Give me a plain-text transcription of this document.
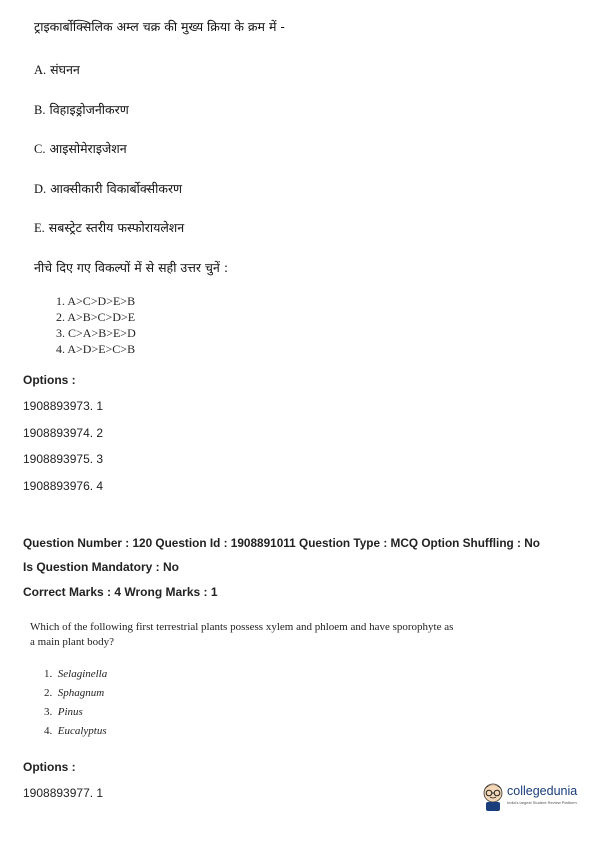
ट्राइकार्बोक्सिलिक अम्ल चक्र की मुख्य क्रिया के क्रम में -
A. संघनन
B. विहाइड्रोजनीकरण
C. आइसोमेराइजेशन
D. आक्सीकारी विकार्बोक्सीकरण
E. सबस्ट्रेट स्तरीय फस्फोरायलेशन
नीचे दिए गए विकल्पों में से सही उत्तर चुनें :
1. A>C>D>E>B
2. A>B>C>D>E
3. C>A>B>E>D
4. A>D>E>C>B
Options :
1908893973. 1
1908893974. 2
1908893975. 3
1908893976. 4
Question Number : 120 Question Id : 1908891011 Question Type : MCQ Option Shuffling : No
Is Question Mandatory : No
Correct Marks : 4 Wrong Marks : 1
Which of the following first terrestrial plants possess xylem and phloem and have sporophyte as
a main plant body?
1. Selaginella
2. Sphagnum
3. Pinus
4. Eucalyptus
Options :
1908893977. 1	collegedunia
India's largest Student Review Platform
